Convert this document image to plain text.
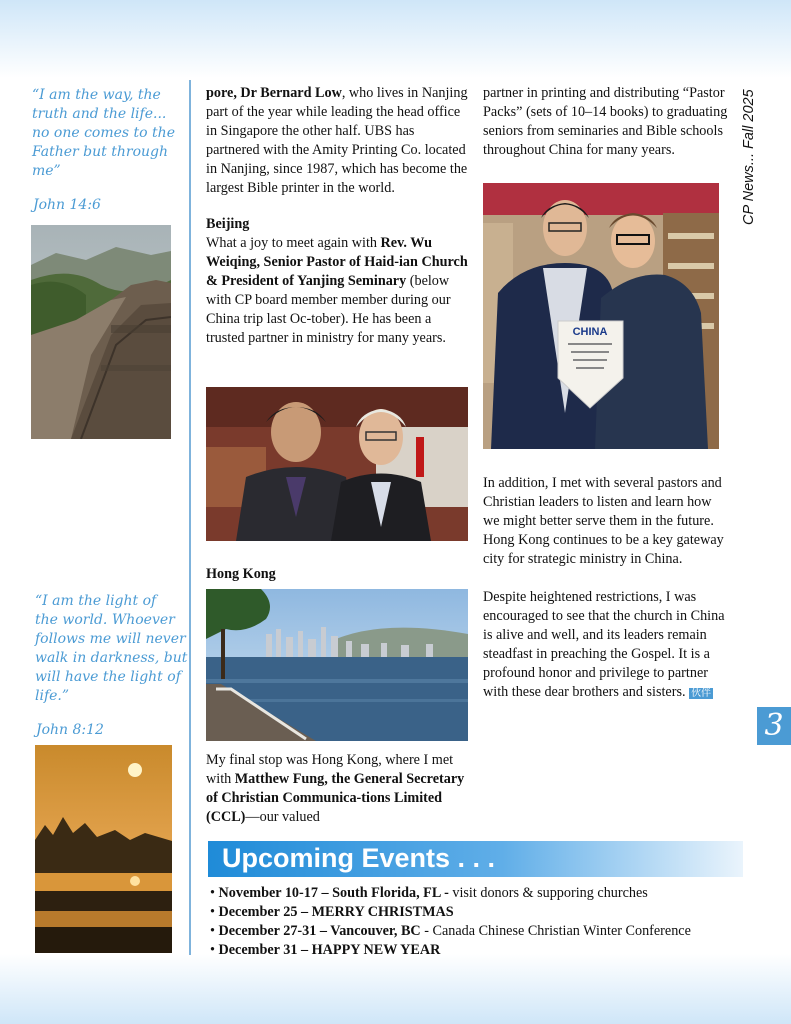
“I am the way, the
truth and the life...
no one comes to the
Father but through
me”
John 14:6
“I am the light of
the world. Whoever
follows me will never
walk in darkness, but
will have the light of
life.”
John 8:12

pore, Dr Bernard Low, who lives in Nanjing part of the year while leading the head office in Singapore the other half. UBS has partnered with the Amity Printing Co. located in Nanjing, since 1987, which has become the largest Bible printer in the world.

Beijing

What a joy to meet again with Rev. Wu Weiqing, Senior Pastor of Haid-ian Church & President of Yanjing Seminary (below with CP board member member during our China trip last Oc-tober). He has been a trusted partner in ministry for many years.

Hong Kong

My final stop was Hong Kong, where I met with Matthew Fung, the General Secretary of Christian Communica-tions Limited (CCL)—our valued

partner in printing and distributing “Pastor Packs” (sets of 10–14 books) to graduating seniors from seminaries and Bible schools throughout China for many years.

CHINA

In addition, I met with several pastors and Christian leaders to listen and learn how we might better serve them in the future. Hong Kong continues to be a key gateway city for strategic ministry in China.

Despite heightened restrictions, I was encouraged to see that the church in China is alive and well, and its leaders remain steadfast in preaching the Gospel. It is a profound honor and privilege to partner with these dear brothers and sisters. 伙伴

CP News... Fall 2025
3
Upcoming Events . . .
• November 10-17 – South Florida, FL - visit donors & supporing churches
• December 25 – MERRY CHRISTMAS
• December 27-31 – Vancouver, BC - Canada Chinese Christian Winter Conference
• December 31 – HAPPY NEW YEAR
